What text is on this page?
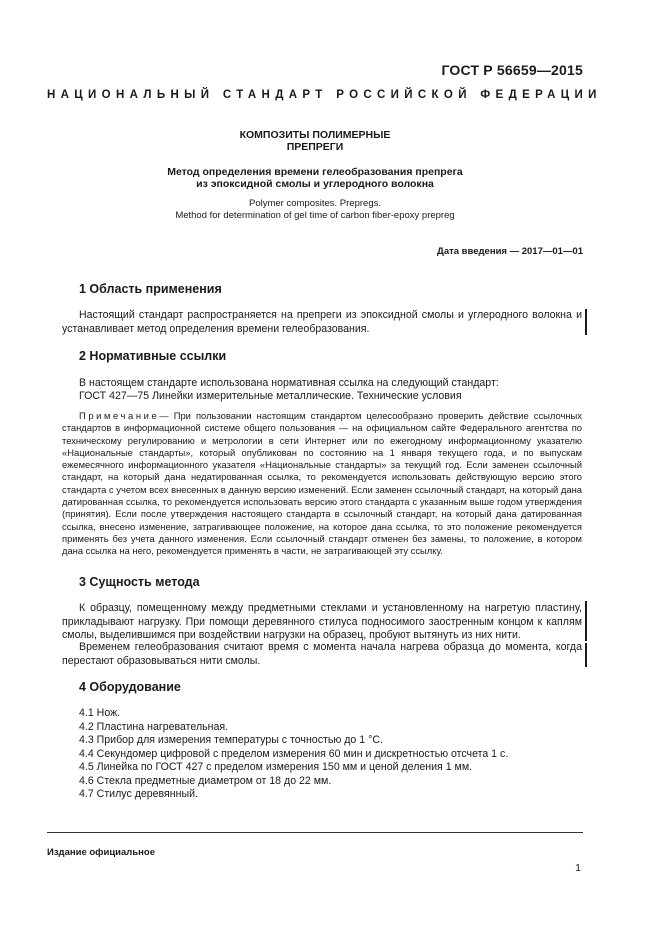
ГОСТ Р 56659—2015
НАЦИОНАЛЬНЫЙ СТАНДАРТ РОССИЙСКОЙ ФЕДЕРАЦИИ
КОМПОЗИТЫ ПОЛИМЕРНЫЕ
ПРЕПРЕГИ
Метод определения времени гелеобразования препрега
из эпоксидной смолы и углеродного волокна
Polymer composites. Prepregs.
Method for determination of gel time of carbon fiber-epoxy prepreg
Дата введения — 2017—01—01
1 Область применения
Настоящий стандарт распространяется на препреги из эпоксидной смолы и углеродного волокна и устанавливает метод определения времени гелеобразования.
2 Нормативные ссылки
В настоящем стандарте использована нормативная ссылка на следующий стандарт:
ГОСТ 427—75 Линейки измерительные металлические. Технические условия
Примечание— При пользовании настоящим стандартом целесообразно проверить действие ссылочных стандартов в информационной системе общего пользования — на официальном сайте Федерального агентства по техническому регулированию и метрологии в сети Интернет или по ежегодному информационному указателю «Национальные стандарты», который опубликован по состоянию на 1 января текущего года, и по выпускам ежемесячного информационного указателя «Национальные стандарты» за текущий год. Если заменен ссылочный стандарт, на который дана недатированная ссылка, то рекомендуется использовать действующую версию этого стандарта с учетом всех внесенных в данную версию изменений. Если заменен ссылочный стандарт, на который дана датированная ссылка, то рекомендуется использовать версию этого стандарта с указанным выше годом утверждения (принятия). Если после утверждения настоящего стандарта в ссылочный стандарт, на который дана датированная ссылка, внесено изменение, затрагивающее положение, на которое дана ссылка, то это положение рекомендуется применять без учета данного изменения. Если ссылочный стандарт отменен без замены, то положение, в котором дана ссылка на него, рекомендуется применять в части, не затрагивающей эту ссылку.
3 Сущность метода
К образцу, помещенному между предметными стеклами и установленному на нагретую пластину, прикладывают нагрузку. При помощи деревянного стилуса подносимого заостренным концом к каплям смолы, выделившимся при воздействии нагрузки на образец, пробуют вытянуть из них нити.
Временем гелеобразования считают время с момента начала нагрева образца до момента, когда перестают образовываться нити смолы.
4 Оборудование
4.1 Нож.
4.2 Пластина нагревательная.
4.3 Прибор для измерения температуры с точностью до 1 °С.
4.4 Секундомер цифровой с пределом измерения 60 мин и дискретностью отсчета 1 с.
4.5 Линейка по ГОСТ 427 с пределом измерения 150 мм и ценой деления 1 мм.
4.6 Стекла предметные диаметром от 18 до 22 мм.
4.7 Стилус деревянный.
Издание официальное
1
